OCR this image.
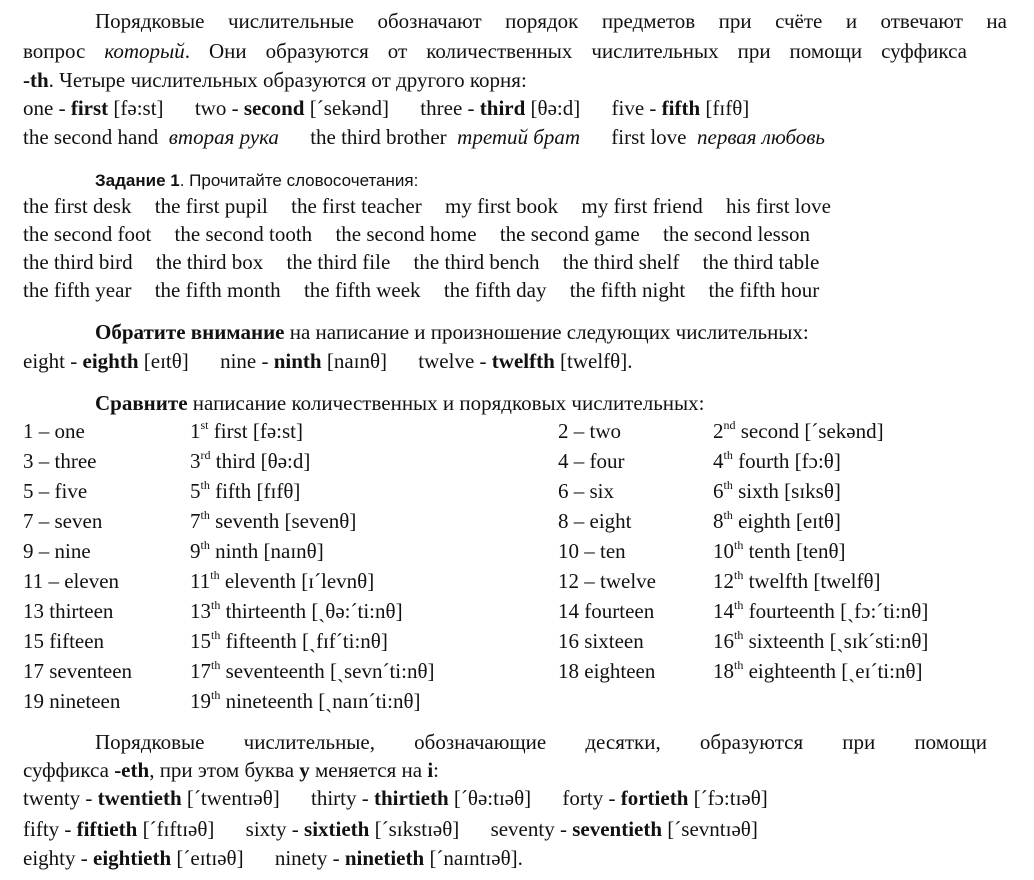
Порядковые числительные обозначают порядок предметов при счёте и отвечают на
вопрос который. Они образуются от количественных числительных при помощи суффикса
-th. Четыре числительных образуются от другого корня:
one - first [fə:st] two - second [ˊsekənd] three - third [θə:d] five - fifth [fɪfθ]
the second hand вторая рука the third brother третий брат first love первая любовь
Задание 1. Прочитайте словосочетания:
the first desk the first pupil the first teacher my first book my first friend his first love
the second foot the second tooth the second home the second game the second lesson
the third bird the third box the third file the third bench the third shelf the third table
the fifth year the fifth month the fifth week the fifth day the fifth night the fifth hour
Обратите внимание на написание и произношение следующих числительных:
eight - eighth [eɪtθ] nine - ninth [naɪnθ] twelve - twelfth [twelfθ].
Сравните написание количественных и порядковых числительных:
1 – one	1st first [fə:st]	2 – two	2nd second [ˊsekənd]
3 – three	3rd third [θə:d]	4 – four	4th fourth [fɔ:θ]
5 – five	5th fifth [fɪfθ]	6 – six	6th sixth [sɪksθ]
7 – seven	7th seventh [sevenθ]	8 – eight	8th eighth [eɪtθ]
9 – nine	9th ninth [naɪnθ]	10 – ten	10th tenth [tenθ]
11 – eleven	11th eleventh [ɪˊlevnθ]	12 – twelve	12th twelfth [twelfθ]
13 thirteen	13th thirteenth [ˏθə:ˊti:nθ]	14 fourteen	14th fourteenth [ˏfɔ:ˊti:nθ]
15 fifteen	15th fifteenth [ˏfɪfˊti:nθ]	16 sixteen	16th sixteenth [ˏsɪkˊsti:nθ]
17 seventeen	17th seventeenth [ˏsevnˊti:nθ]	18 eighteen	18th eighteenth [ˏeɪˊti:nθ]
19 nineteen	19th nineteenth [ˏnaɪnˊti:nθ]
Порядковые числительные, обозначающие десятки, образуются при помощи
суффикса -eth, при этом буква y меняется на i:
twenty - twentieth [ˊtwentɪəθ] thirty - thirtieth [ˊθə:tɪəθ] forty - fortieth [ˊfɔ:tɪəθ]
fifty - fiftieth [ˊfɪftɪəθ] sixty - sixtieth [ˊsɪkstɪəθ] seventy - seventieth [ˊsevntɪəθ]
eighty - eightieth [ˊeɪtɪəθ] ninety - ninetieth [ˊnaɪntɪəθ].
